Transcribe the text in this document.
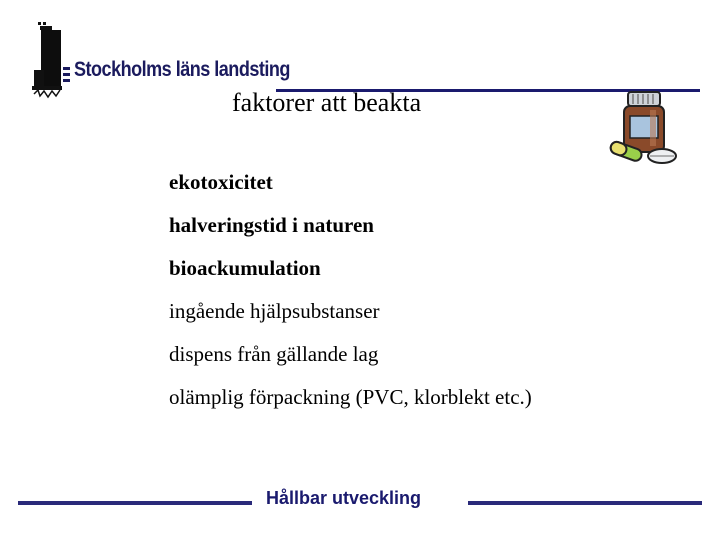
Stockholms läns landsting
faktorer att beakta
ekotoxicitet
halveringstid i naturen
bioackumulation
ingående hjälpsubstanser
dispens från gällande lag
olämplig förpackning (PVC, klorblekt etc.)
Hållbar utveckling
